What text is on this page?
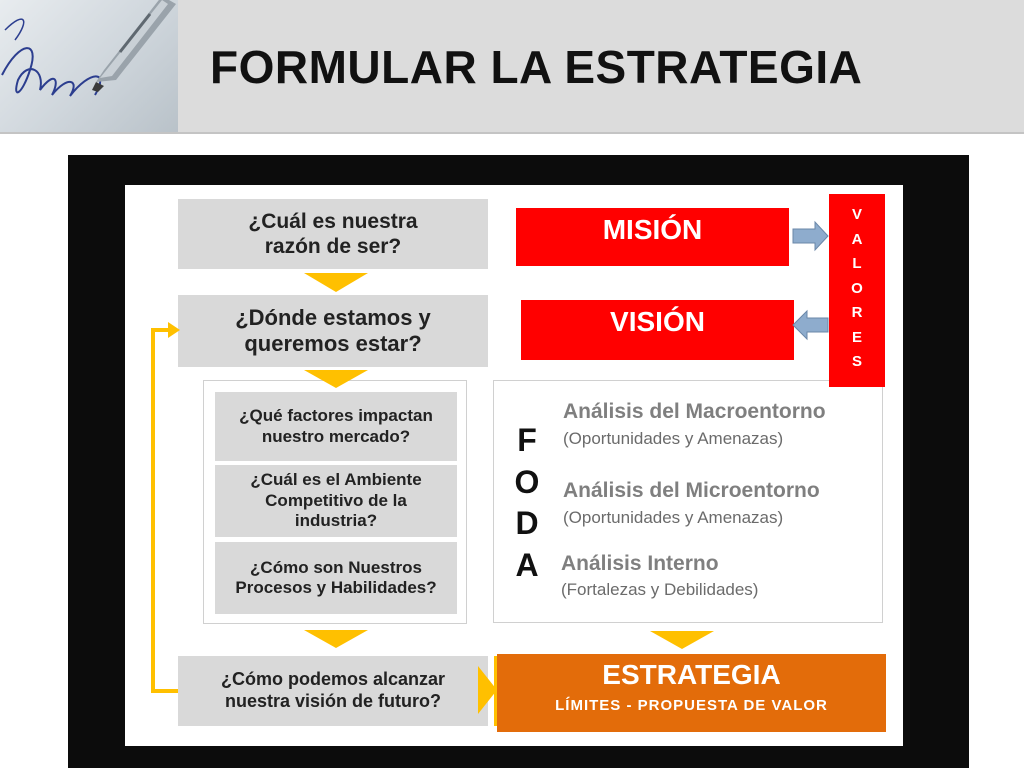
FORMULAR LA ESTRATEGIA
¿Cuál es nuestra
razón de ser?
¿Dónde estamos y
queremos estar?
¿Qué factores impactan
nuestro mercado?
¿Cuál es el Ambiente
Competitivo de la
industria?
¿Cómo son Nuestros
Procesos y Habilidades?
¿Cómo podemos alcanzar
nuestra visión de futuro?
MISIÓN
VISIÓN
V
A
L
O
R
E
S
F
O
D
A
Análisis del Macroentorno
(Oportunidades y Amenazas)
Análisis del Microentorno
(Oportunidades y Amenazas)
Análisis Interno
(Fortalezas y Debilidades)
ESTRATEGIA
LÍMITES - PROPUESTA DE VALOR
